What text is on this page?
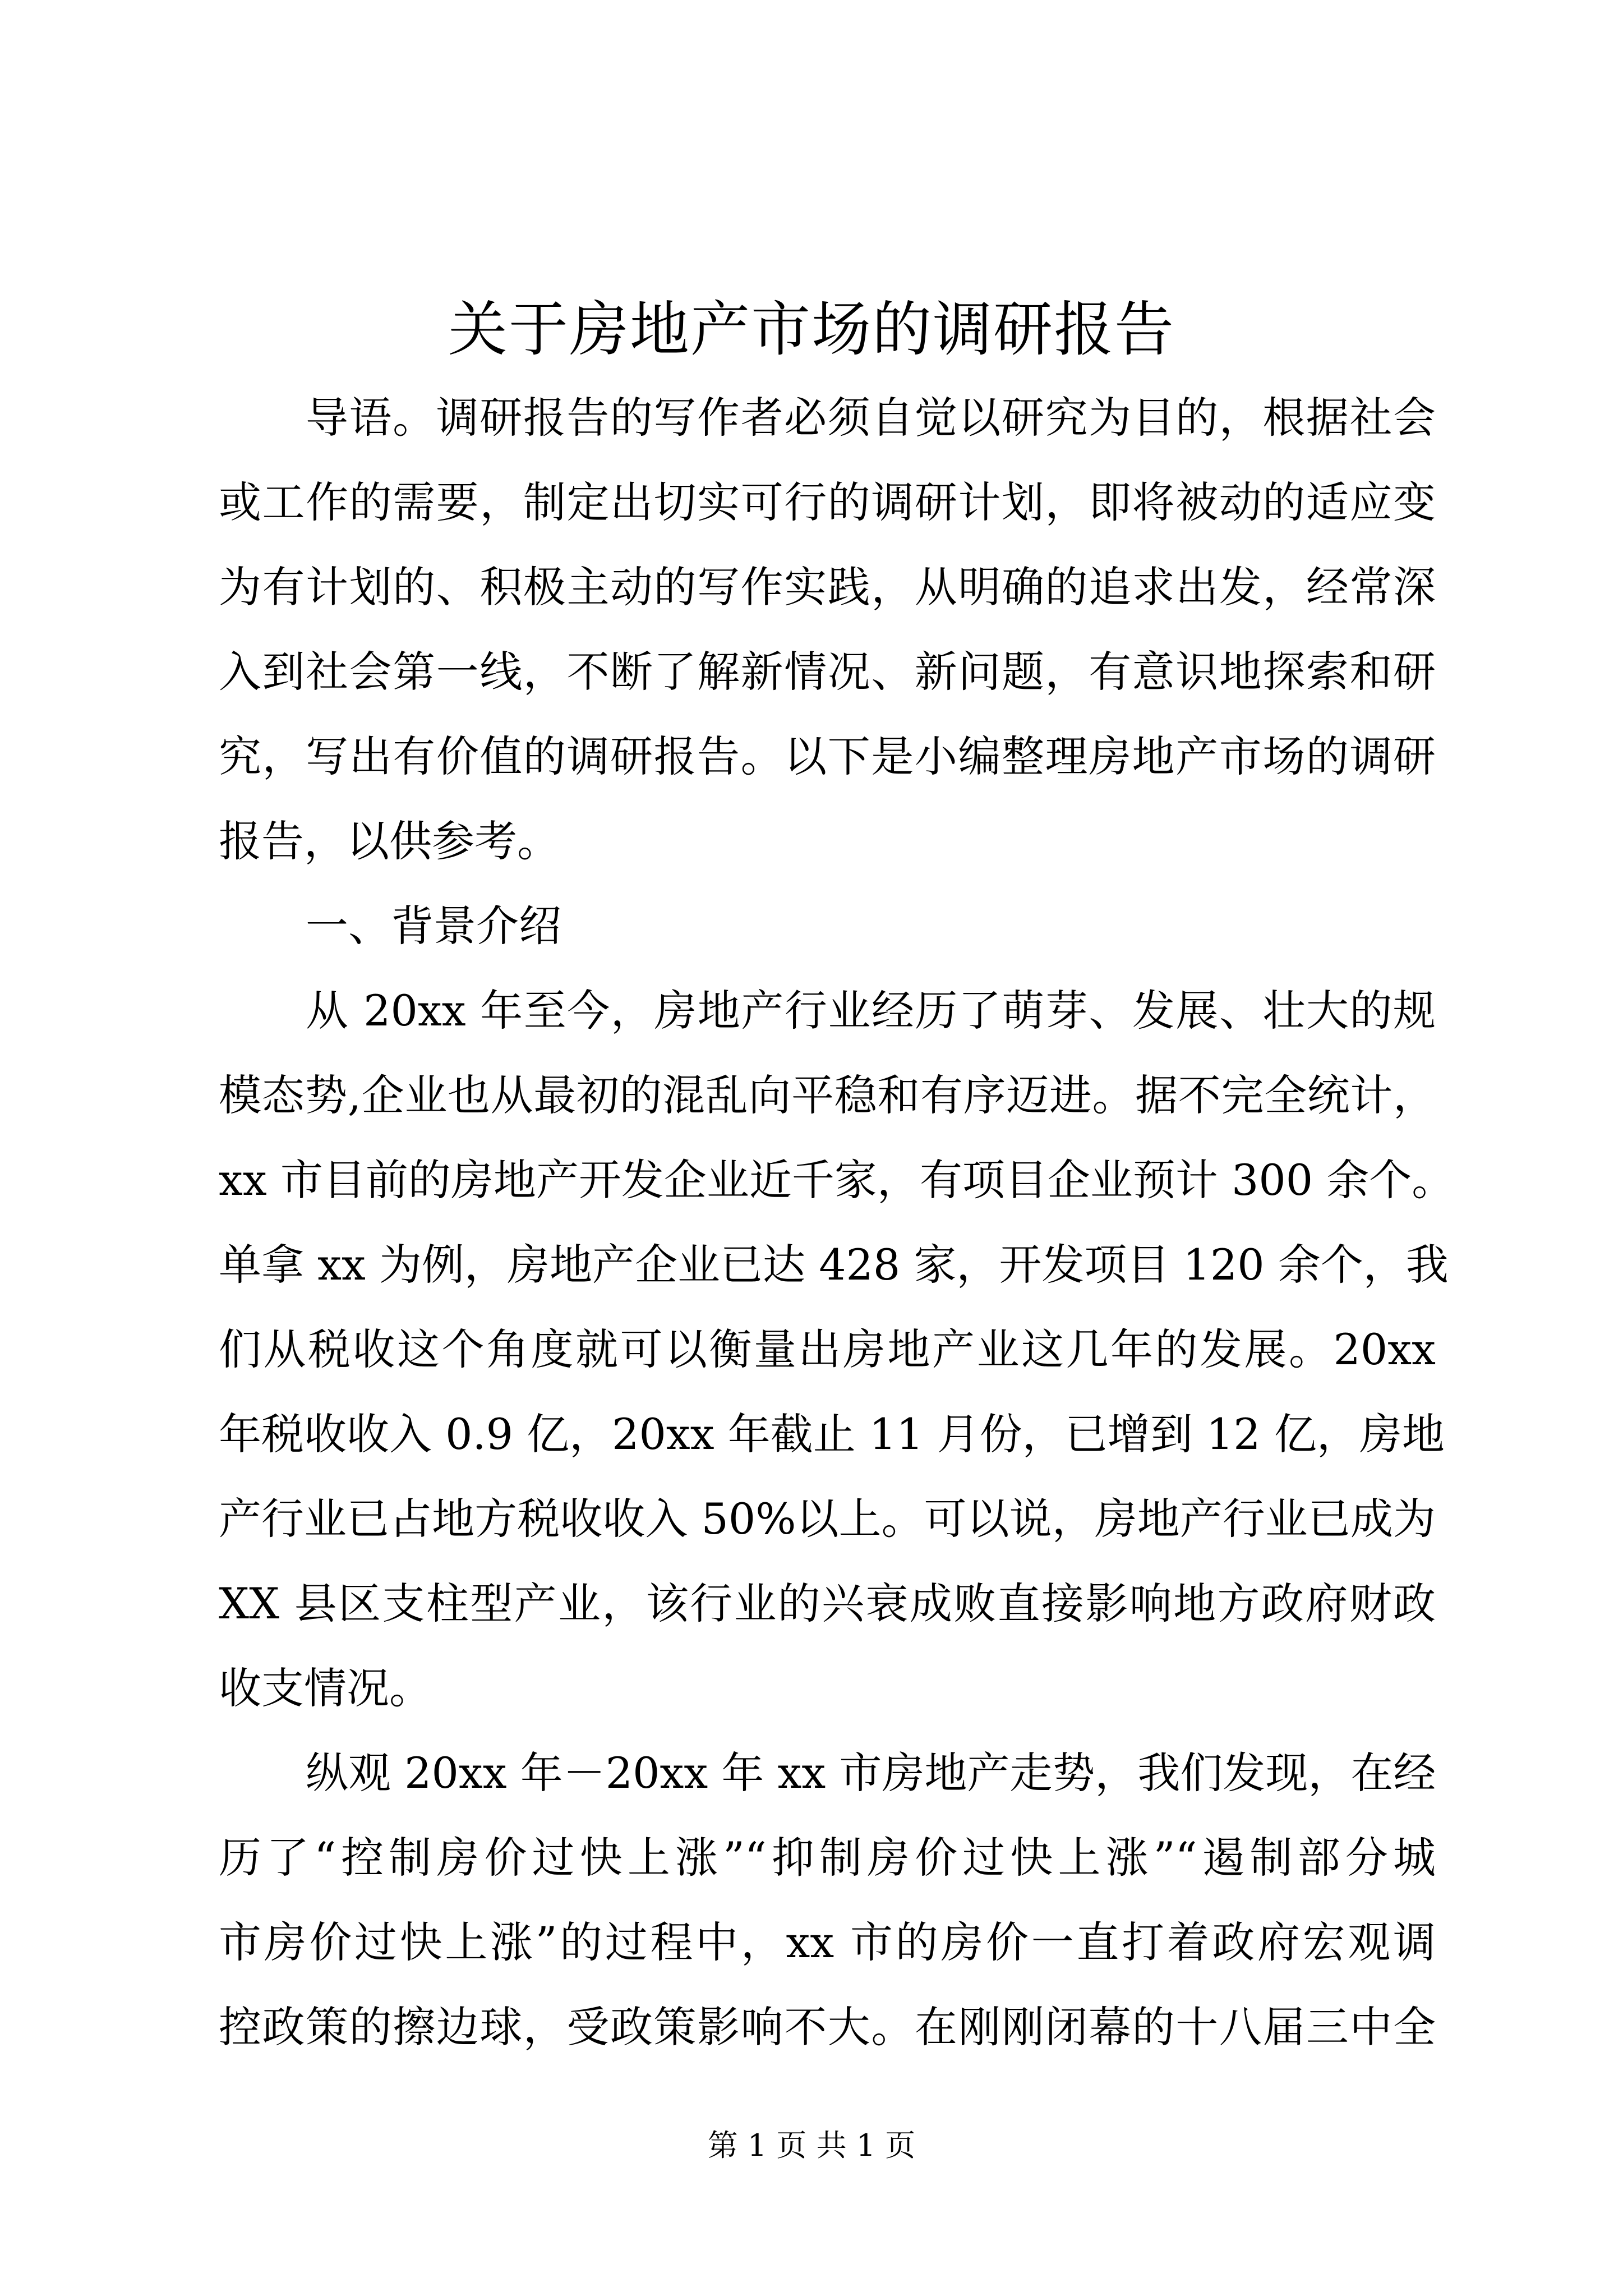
关于房地产市场的调研报告

导语。调研报告的写作者必须自觉以研究为目的，根据社会

或工作的需要，制定出切实可行的调研计划，即将被动的适应变

为有计划的、积极主动的写作实践，从明确的追求出发，经常深

入到社会第一线，不断了解新情况、新问题，有意识地探索和研

究，写出有价值的调研报告。以下是小编整理房地产市场的调研

报告，以供参考。

一、背景介绍

从 20xx 年至今，房地产行业经历了萌芽、发展、壮大的规

模态势,企业也从最初的混乱向平稳和有序迈进。据不完全统计，

xx 市目前的房地产开发企业近千家，有项目企业预计 300 余个。

单拿 xx 为例，房地产企业已达 428 家，开发项目 120 余个，我

们从税收这个角度就可以衡量出房地产业这几年的发展。20xx

年税收收入 0.9 亿，20xx 年截止 11 月份，已增到 12 亿，房地

产行业已占地方税收收入 50%以上。可以说，房地产行业已成为

XX 县区支柱型产业，该行业的兴衰成败直接影响地方政府财政

收支情况。

纵观 20xx 年－20xx 年 xx 市房地产走势，我们发现，在经

历了“控制房价过快上涨”“抑制房价过快上涨”“遏制部分城

市房价过快上涨”的过程中，xx 市的房价一直打着政府宏观调

控政策的擦边球，受政策影响不大。在刚刚闭幕的十八届三中全

第 1 页 共 1 页
